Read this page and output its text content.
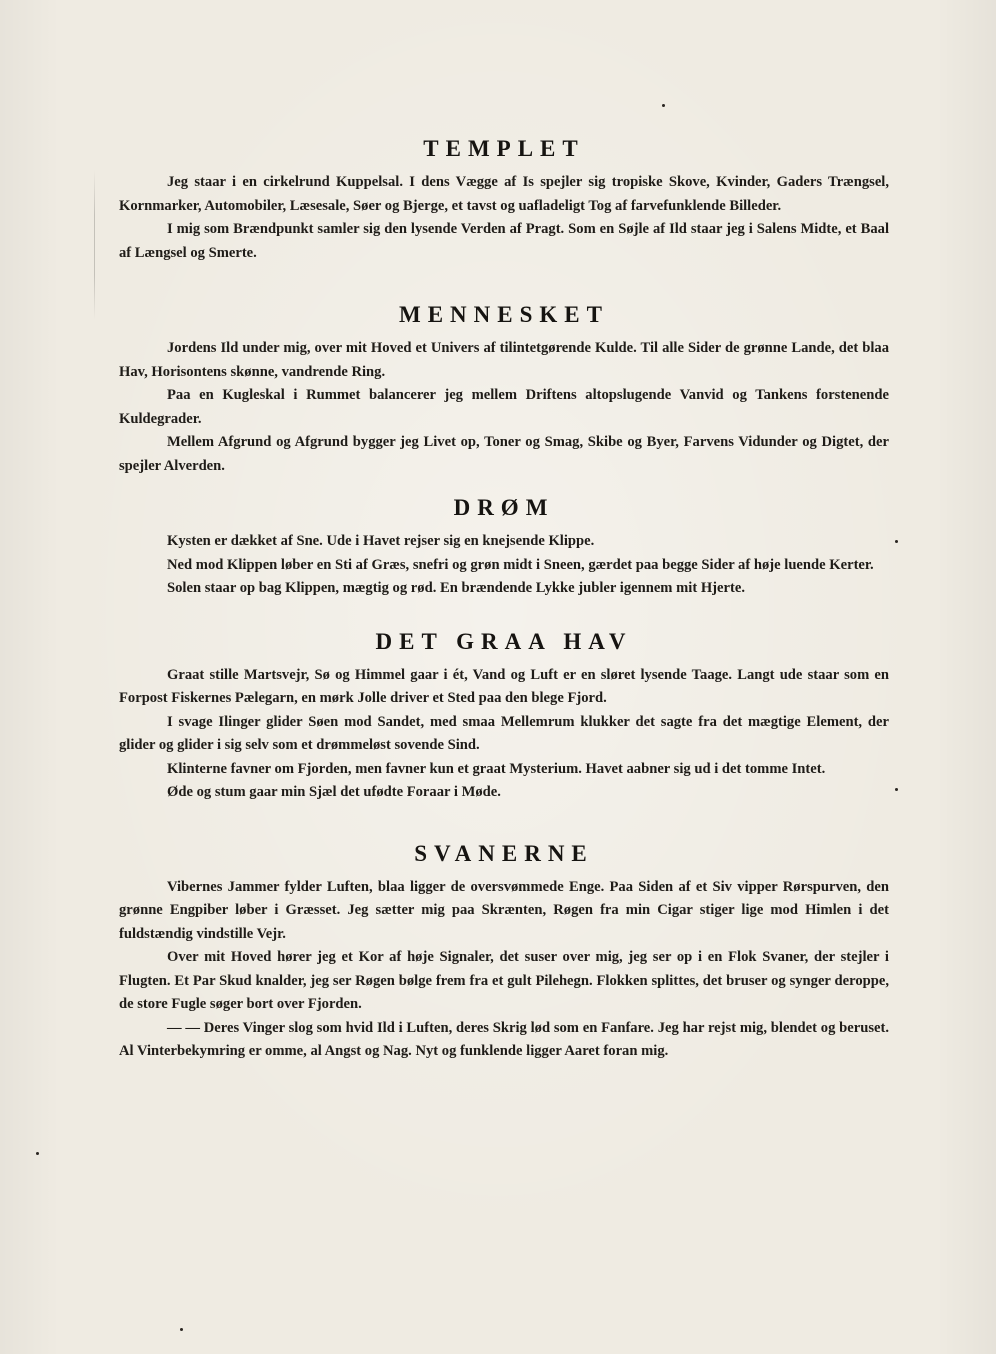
TEMPLET

Jeg staar i en cirkelrund Kuppelsal. I dens Vægge af Is spejler sig tropiske Skove, Kvinder, Gaders Trængsel, Kornmarker, Automobiler, Læsesale, Søer og Bjerge, et tavst og uafladeligt Tog af farvefunklende Billeder.

I mig som Brændpunkt samler sig den lysende Verden af Pragt. Som en Søjle af Ild staar jeg i Salens Midte, et Baal af Længsel og Smerte.

MENNESKET

Jordens Ild under mig, over mit Hoved et Univers af tilintetgørende Kulde. Til alle Sider de grønne Lande, det blaa Hav, Horisontens skønne, vandrende Ring.

Paa en Kugleskal i Rummet balancerer jeg mellem Driftens altopslugende Vanvid og Tankens forstenende Kuldegrader.

Mellem Afgrund og Afgrund bygger jeg Livet op, Toner og Smag, Skibe og Byer, Farvens Vidunder og Digtet, der spejler Alverden.

DRØM

Kysten er dækket af Sne. Ude i Havet rejser sig en knejsende Klippe.

Ned mod Klippen løber en Sti af Græs, snefri og grøn midt i Sneen, gærdet paa begge Sider af høje luende Kerter.

Solen staar op bag Klippen, mægtig og rød. En brændende Lykke jubler igennem mit Hjerte.

DET GRAA HAV

Graat stille Martsvejr, Sø og Himmel gaar i ét, Vand og Luft er en sløret lysende Taage. Langt ude staar som en Forpost Fiskernes Pælegarn, en mørk Jolle driver et Sted paa den blege Fjord.

I svage Ilinger glider Søen mod Sandet, med smaa Mellemrum klukker det sagte fra det mægtige Element, der glider og glider i sig selv som et drømmeløst sovende Sind.

Klinterne favner om Fjorden, men favner kun et graat Mysterium. Havet aabner sig ud i det tomme Intet.

Øde og stum gaar min Sjæl det ufødte Foraar i Møde.

SVANERNE

Vibernes Jammer fylder Luften, blaa ligger de oversvømmede Enge. Paa Siden af et Siv vipper Rørspurven, den grønne Engpiber løber i Græsset. Jeg sætter mig paa Skrænten, Røgen fra min Cigar stiger lige mod Himlen i det fuldstændig vindstille Vejr.

Over mit Hoved hører jeg et Kor af høje Signaler, det suser over mig, jeg ser op i en Flok Svaner, der stejler i Flugten. Et Par Skud knalder, jeg ser Røgen bølge frem fra et gult Pilehegn. Flokken splittes, det bruser og synger deroppe, de store Fugle søger bort over Fjorden.

— — Deres Vinger slog som hvid Ild i Luften, deres Skrig lød som en Fanfare. Jeg har rejst mig, blendet og beruset. Al Vinterbekymring er omme, al Angst og Nag. Nyt og funklende ligger Aaret foran mig.
